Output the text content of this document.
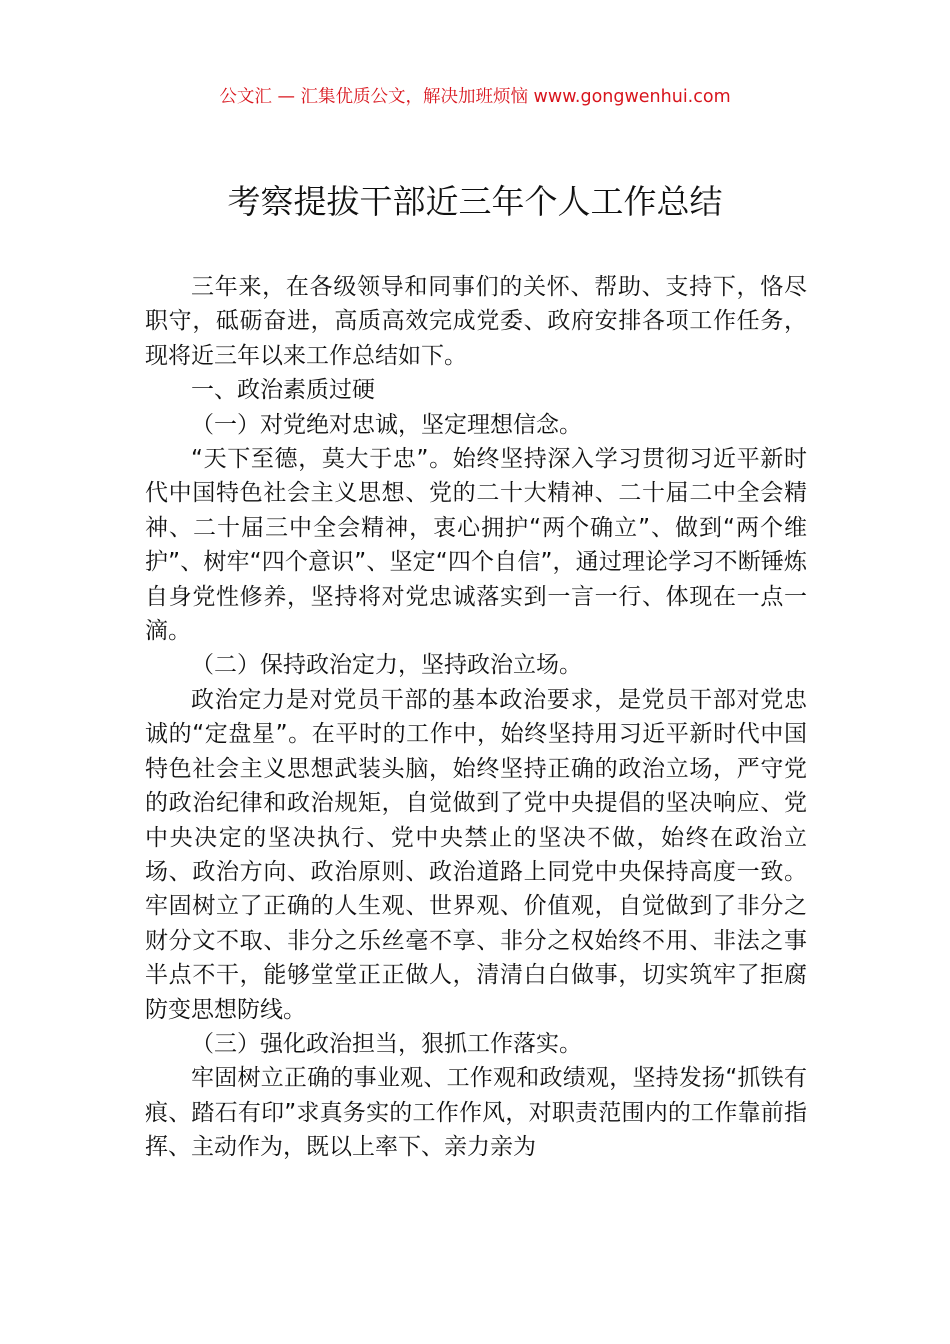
公文汇 — 汇集优质公文，解决加班烦恼 www.gongwenhui.com
考察提拔干部近三年个人工作总结

三年来，在各级领导和同事们的关怀、帮助、支持下，恪尽职守，砥砺奋进，高质高效完成党委、政府安排各项工作任务，现将近三年以来工作总结如下。

一、政治素质过硬

（一）对党绝对忠诚，坚定理想信念。

“天下至德，莫大于忠”。始终坚持深入学习贯彻习近平新时代中国特色社会主义思想、党的二十大精神、二十届二中全会精神、二十届三中全会精神，衷心拥护“两个确立”、做到“两个维护”、树牢“四个意识”、坚定“四个自信”，通过理论学习不断锤炼自身党性修养，坚持将对党忠诚落实到一言一行、体现在一点一滴。

（二）保持政治定力，坚持政治立场。

政治定力是对党员干部的基本政治要求，是党员干部对党忠诚的“定盘星”。在平时的工作中，始终坚持用习近平新时代中国特色社会主义思想武装头脑，始终坚持正确的政治立场，严守党的政治纪律和政治规矩，自觉做到了党中央提倡的坚决响应、党中央决定的坚决执行、党中央禁止的坚决不做，始终在政治立场、政治方向、政治原则、政治道路上同党中央保持高度一致。牢固树立了正确的人生观、世界观、价值观，自觉做到了非分之财分文不取、非分之乐丝毫不享、非分之权始终不用、非法之事半点不干，能够堂堂正正做人，清清白白做事，切实筑牢了拒腐防变思想防线。

（三）强化政治担当，狠抓工作落实。

牢固树立正确的事业观、工作观和政绩观，坚持发扬“抓铁有痕、踏石有印”求真务实的工作作风，对职责范围内的工作靠前指挥、主动作为，既以上率下、亲力亲为
